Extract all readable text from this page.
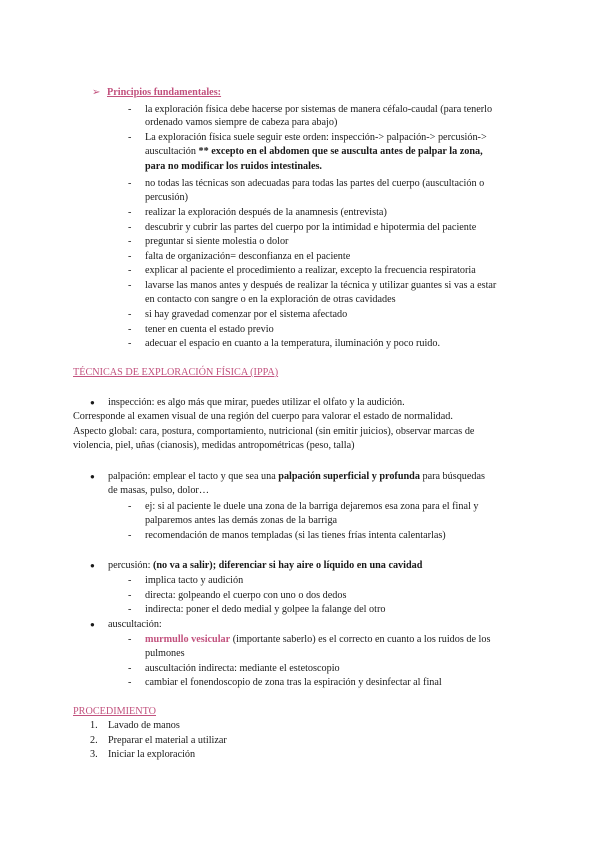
➢ Principios fundamentales:
- la exploración física debe hacerse por sistemas de manera céfalo-caudal (para tenerlo
ordenado vamos siempre de cabeza para abajo)
- La exploración física suele seguir este orden: inspección-> palpación-> percusión->
auscultación ** excepto en el abdomen que se ausculta antes de palpar la zona,
para no modificar los ruidos intestinales.
- no todas las técnicas son adecuadas para todas las partes del cuerpo (auscultación o
percusión)
- realizar la exploración después de la anamnesis (entrevista)
- descubrir y cubrir las partes del cuerpo por la intimidad e hipotermia del paciente
- preguntar si siente molestia o dolor
- falta de organización= desconfianza en el paciente
- explicar al paciente el procedimiento a realizar, excepto la frecuencia respiratoria
- lavarse las manos antes y después de realizar la técnica y utilizar guantes si vas a estar
en contacto con sangre o en la exploración de otras cavidades
- si hay gravedad comenzar por el sistema afectado
- tener en cuenta el estado previo
- adecuar el espacio en cuanto a la temperatura, iluminación y poco ruido.
TÉCNICAS DE EXPLORACIÓN FÍSICA (IPPA)
● inspección: es algo más que mirar, puedes utilizar el olfato y la audición.
Corresponde al examen visual de una región del cuerpo para valorar el estado de normalidad.
Aspecto global: cara, postura, comportamiento, nutricional (sin emitir juicios), observar marcas de
violencia, piel, uñas (cianosis), medidas antropométricas (peso, talla)
● palpación: emplear el tacto y que sea una palpación superficial y profunda para búsquedas
de masas, pulso, dolor…
- ej: si al paciente le duele una zona de la barriga dejaremos esa zona para el final y
palparemos antes las demás zonas de la barriga
- recomendación de manos templadas (si las tienes frías intenta calentarlas)
● percusión: (no va a salir); diferenciar si hay aire o líquido en una cavidad
- implica tacto y audición
- directa: golpeando el cuerpo con uno o dos dedos
- indirecta: poner el dedo medial y golpee la falange del otro
● auscultación:
- murmullo vesicular (importante saberlo) es el correcto en cuanto a los ruidos de los
pulmones
- auscultación indirecta: mediante el estetoscopio
- cambiar el fonendoscopio de zona tras la espiración y desinfectar al final
PROCEDIMIENTO
1. Lavado de manos
2. Preparar el material a utilizar
3. Iniciar la exploración
